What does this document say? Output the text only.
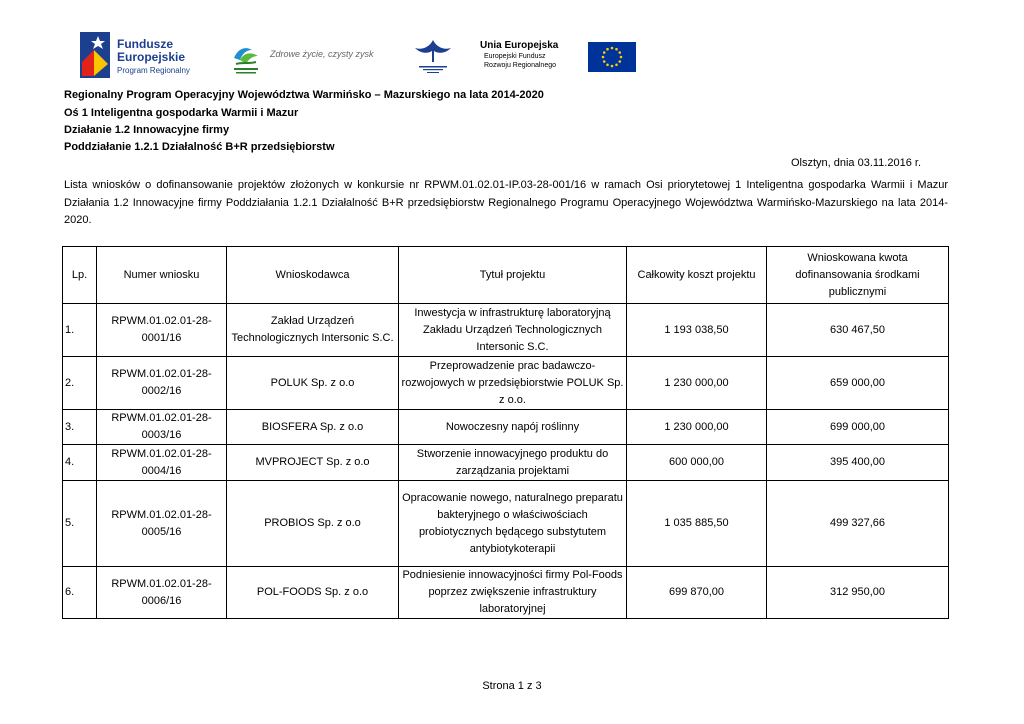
Fundusze
Europejskie
Program Regionalny
Zdrowe życie, czysty zysk
Unia Europejska
Europejski Fundusz
Rozwoju Regionalnego
Regionalny Program Operacyjny Województwa Warmińsko – Mazurskiego na lata 2014-2020
Oś 1 Inteligentna gospodarka Warmii i Mazur
Działanie 1.2 Innowacyjne firmy
Poddziałanie 1.2.1 Działalność B+R przedsiębiorstw
Olsztyn, dnia 03.11.2016 r.
Lista wniosków o dofinansowanie projektów złożonych w konkursie nr RPWM.01.02.01-IP.03-28-001/16 w ramach Osi priorytetowej 1 Inteligentna gospodarka Warmii i Mazur Działania 1.2 Innowacyjne firmy Poddziałania 1.2.1 Działalność B+R przedsiębiorstw Regionalnego Programu Operacyjnego Województwa Warmińsko-Mazurskiego na lata 2014-2020.
Lp.	Numer wniosku	Wnioskodawca	Tytuł projektu	Całkowity koszt projektu	Wnioskowana kwota dofinansowania środkami publicznymi
1.	RPWM.01.02.01-28-0001/16	Zakład Urządzeń Technologicznych Intersonic S.C.	Inwestycja w infrastrukturę laboratoryjną Zakładu Urządzeń Technologicznych Intersonic S.C.	1 193 038,50	630 467,50
2.	RPWM.01.02.01-28-0002/16	POLUK Sp. z o.o	Przeprowadzenie prac badawczo-rozwojowych w przedsiębiorstwie POLUK Sp. z o.o.	1 230 000,00	659 000,00
3.	RPWM.01.02.01-28-0003/16	BIOSFERA Sp. z o.o	Nowoczesny napój roślinny	1 230 000,00	699 000,00
4.	RPWM.01.02.01-28-0004/16	MVPROJECT Sp. z o.o	Stworzenie innowacyjnego produktu do zarządzania projektami	600 000,00	395 400,00
5.	RPWM.01.02.01-28-0005/16	PROBIOS Sp. z o.o	Opracowanie nowego, naturalnego preparatu bakteryjnego o właściwościach probiotycznych będącego substytutem antybiotykoterapii	1 035 885,50	499 327,66
6.	RPWM.01.02.01-28-0006/16	POL-FOODS Sp. z o.o	Podniesienie innowacyjności firmy Pol-Foods poprzez zwiększenie infrastruktury laboratoryjnej	699 870,00	312 950,00
Strona 1 z 3
